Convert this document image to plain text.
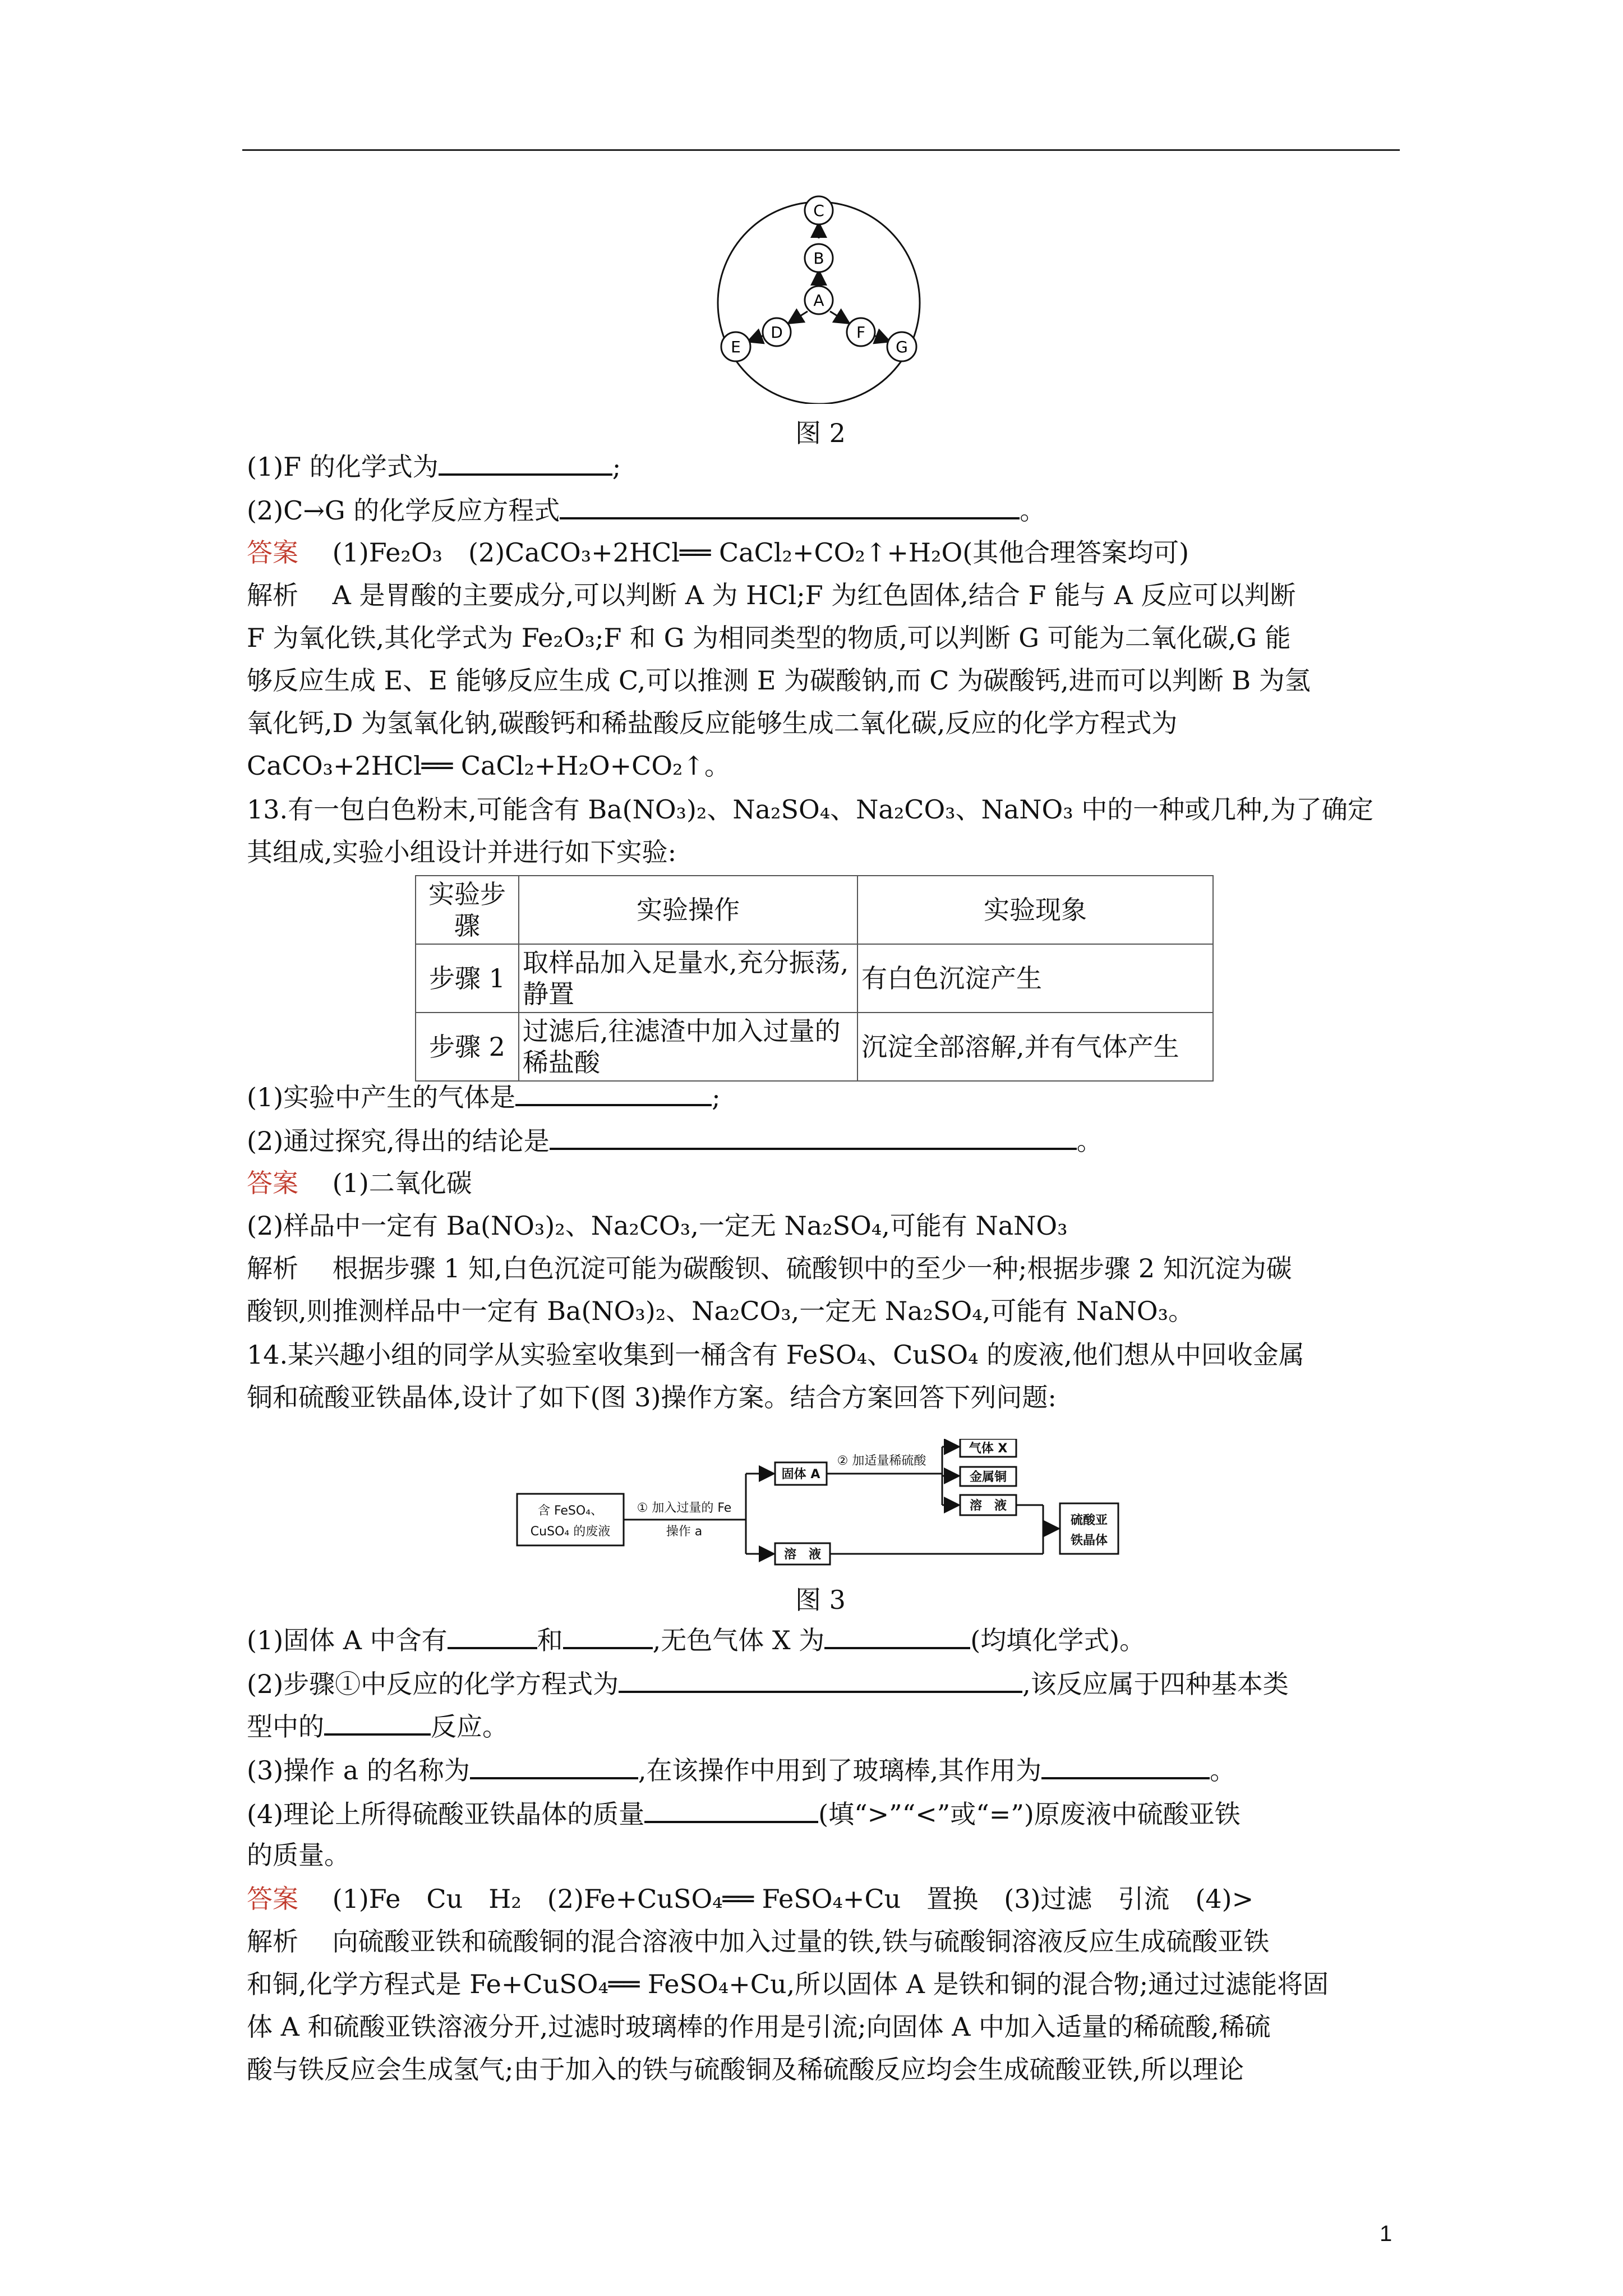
C
B
A
D	F
E	G
图 2
(1)F 的化学式为	;
(2)C→G 的化学反应方程式	。
答案　 (1)Fe₂O₃　(2)CaCO₃+2HCl══ CaCl₂+CO₂↑+H₂O(其他合理答案均可)
解析　 A 是胃酸的主要成分,可以判断 A 为 HCl;F 为红色固体,结合 F 能与 A 反应可以判断
F 为氧化铁,其化学式为 Fe₂O₃;F 和 G 为相同类型的物质,可以判断 G 可能为二氧化碳,G 能
够反应生成 E、E 能够反应生成 C,可以推测 E 为碳酸钠,而 C 为碳酸钙,进而可以判断 B 为氢
氧化钙,D 为氢氧化钠,碳酸钙和稀盐酸反应能够生成二氧化碳,反应的化学方程式为
CaCO₃+2HCl══ CaCl₂+H₂O+CO₂↑。
13.有一包白色粉末,可能含有 Ba(NO₃)₂、Na₂SO₄、Na₂CO₃、NaNO₃ 中的一种或几种,为了确定
其组成,实验小组设计并进行如下实验:
实验步骤	实验操作	实验现象
步骤 1	取样品加入足量水,充分振荡,静置	有白色沉淀产生
步骤 2	过滤后,往滤渣中加入过量的稀盐酸	沉淀全部溶解,并有气体产生
(1)实验中产生的气体是	;
(2)通过探究,得出的结论是	。
答案　 (1)二氧化碳
(2)样品中一定有 Ba(NO₃)₂、Na₂CO₃,一定无 Na₂SO₄,可能有 NaNO₃
解析　 根据步骤 1 知,白色沉淀可能为碳酸钡、硫酸钡中的至少一种;根据步骤 2 知沉淀为碳
酸钡,则推测样品中一定有 Ba(NO₃)₂、Na₂CO₃,一定无 Na₂SO₄,可能有 NaNO₃。
14.某兴趣小组的同学从实验室收集到一桶含有 FeSO₄、CuSO₄ 的废液,他们想从中回收金属
铜和硫酸亚铁晶体,设计了如下(图 3)操作方案。结合方案回答下列问题:
含 FeSO₄、
CuSO₄ 的废液
① 加入过量的 Fe
操作 a
固体 A
② 加适量稀硫酸
气体 X
金属铜
溶　液
溶　液
硫酸亚
铁晶体
图 3
(1)固体 A 中含有	和	,无色气体 X 为	(均填化学式)。
(2)步骤①中反应的化学方程式为	,该反应属于四种基本类
型中的	反应。
(3)操作 a 的名称为	,在该操作中用到了玻璃棒,其作用为	。
(4)理论上所得硫酸亚铁晶体的质量	(填“>”“<”或“=”)原废液中硫酸亚铁
的质量。
答案　 (1)Fe　Cu　H₂　(2)Fe+CuSO₄══ FeSO₄+Cu　置换　(3)过滤　引流　(4)>
解析　 向硫酸亚铁和硫酸铜的混合溶液中加入过量的铁,铁与硫酸铜溶液反应生成硫酸亚铁
和铜,化学方程式是 Fe+CuSO₄══ FeSO₄+Cu,所以固体 A 是铁和铜的混合物;通过过滤能将固
体 A 和硫酸亚铁溶液分开,过滤时玻璃棒的作用是引流;向固体 A 中加入适量的稀硫酸,稀硫
酸与铁反应会生成氢气;由于加入的铁与硫酸铜及稀硫酸反应均会生成硫酸亚铁,所以理论
1
